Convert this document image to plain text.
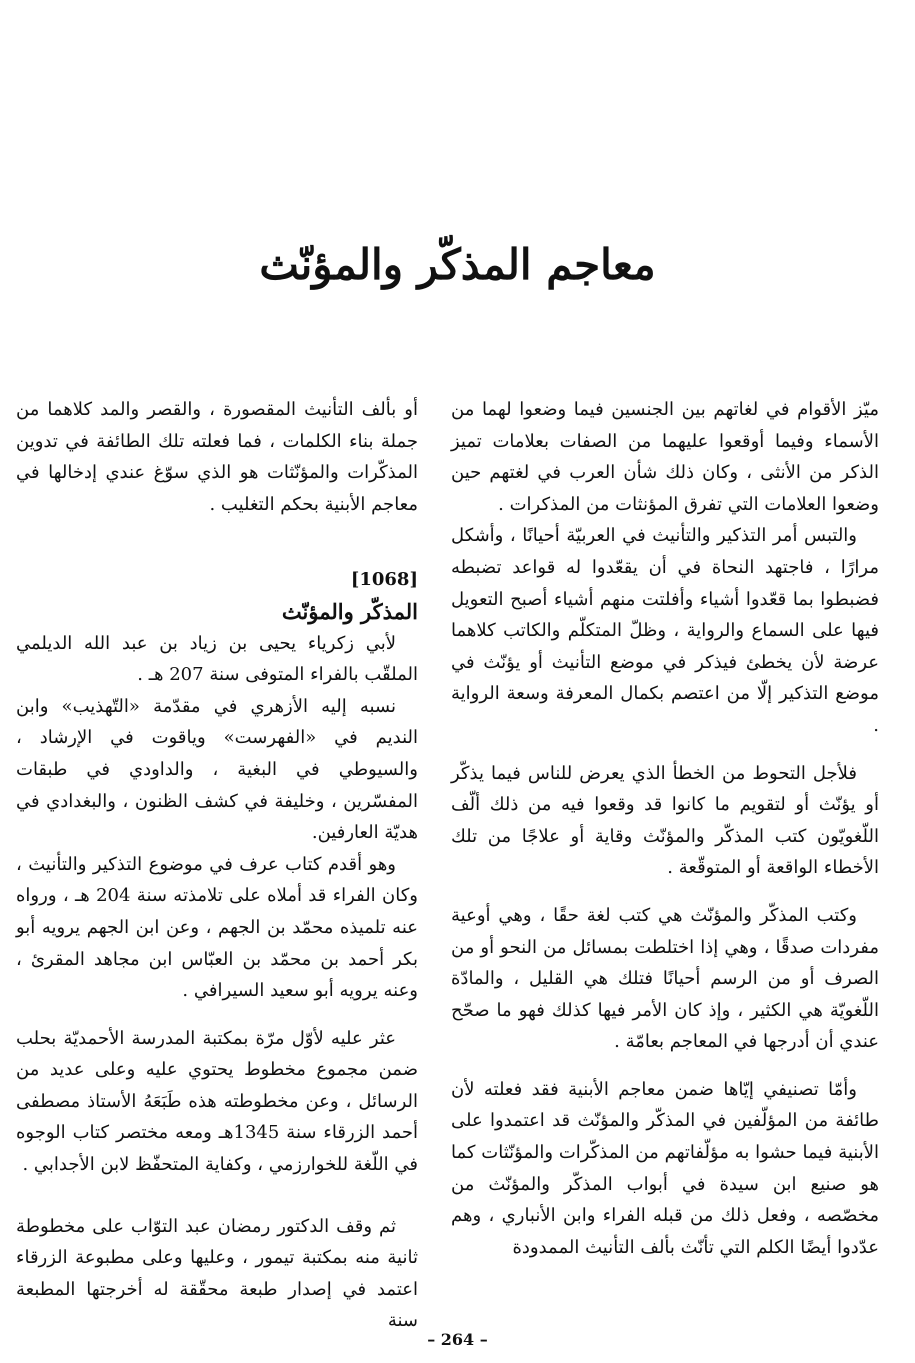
معاجم المذكّر والمؤنّث

ميّز الأقوام في لغاتهم بين الجنسين فيما وضعوا لهما من الأسماء وفيما أوقعوا عليهما من الصفات بعلامات تميز الذكر من الأنثى ، وكان ذلك شأن العرب في لغتهم حين وضعوا العلامات التي تفرق المؤنثات من المذكرات .

والتبس أمر التذكير والتأنيث في العربيّة أحيانًا ، وأشكل مرارًا ، فاجتهد النحاة في أن يقعّدوا له قواعد تضبطه فضبطوا بما قعّدوا أشياء وأفلتت منهم أشياء أصبح التعويل فيها على السماع والرواية ، وظلّ المتكلّم والكاتب كلاهما عرضة لأن يخطئ فيذكر في موضع التأنيث أو يؤنّث في موضع التذكير إلّا من اعتصم بكمال المعرفة وسعة الرواية .

فلأجل التحوط من الخطأ الذي يعرض للناس فيما يذكّر أو يؤنّث أو لتقويم ما كانوا قد وقعوا فيه من ذلك ألّف اللّغويّون كتب المذكّر والمؤنّث وقاية أو علاجًا من تلك الأخطاء الواقعة أو المتوقّعة .

وكتب المذكّر والمؤنّث هي كتب لغة حقًا ، وهي أوعية مفردات صدقًا ، وهي إذا اختلطت بمسائل من النحو أو من الصرف أو من الرسم أحيانًا فتلك هي القليل ، والمادّة اللّغويّة هي الكثير ، وإذ كان الأمر فيها كذلك فهو ما صحّح عندي أن أدرجها في المعاجم بعامّة .

وأمّا تصنيفي إيّاها ضمن معاجم الأبنية فقد فعلته لأن طائفة من المؤلّفين في المذكّر والمؤنّث قد اعتمدوا على الأبنية فيما حشوا به مؤلّفاتهم من المذكّرات والمؤنّثات كما هو صنيع ابن سيدة في أبواب المذكّر والمؤنّث من مخصّصه ، وفعل ذلك من قبله الفراء وابن الأنباري ، وهم عدّدوا أيضًا الكلم التي تأنّث بألف التأنيث الممدودة

أو بألف التأنيث المقصورة ، والقصر والمد كلاهما من جملة بناء الكلمات ، فما فعلته تلك الطائفة في تدوين المذكّرات والمؤنّثات هو الذي سوّغ عندي إدخالها في معاجم الأبنية بحكم التغليب .

[1068]

المذكّر والمؤنّث

لأبي زكرياء يحيى بن زياد بن عبد الله الديلمي الملقّب بالفراء المتوفى سنة 207 هـ .

نسبه إليه الأزهري في مقدّمة «التّهذيب» وابن النديم في «الفهرست» وياقوت في الإرشاد ، والسيوطي في البغية ، والداودي في طبقات المفسّرين ، وخليفة في كشف الظنون ، والبغدادي في هديّة العارفين.

وهو أقدم كتاب عرف في موضوع التذكير والتأنيث ، وكان الفراء قد أملاه على تلامذته سنة 204 هـ ، ورواه عنه تلميذه محمّد بن الجهم ، وعن ابن الجهم يرويه أبو بكر أحمد بن محمّد بن العبّاس ابن مجاهد المقرئ ، وعنه يرويه أبو سعيد السيرافي .

عثر عليه لأوّل مرّة بمكتبة المدرسة الأحمديّة بحلب ضمن مجموع مخطوط يحتوي عليه وعلى عديد من الرسائل ، وعن مخطوطته هذه طَبَعَهُ الأستاذ مصطفى أحمد الزرقاء سنة 1345هـ ومعه مختصر كتاب الوجوه في اللّغة للخوارزمي ، وكفاية المتحفّظ لابن الأجدابي .

ثم وقف الدكتور رمضان عبد التوّاب على مخطوطة ثانية منه بمكتبة تيمور ، وعليها وعلى مطبوعة الزرقاء اعتمد في إصدار طبعة محقّقة له أخرجتها المطبعة سنة

– 264 –
